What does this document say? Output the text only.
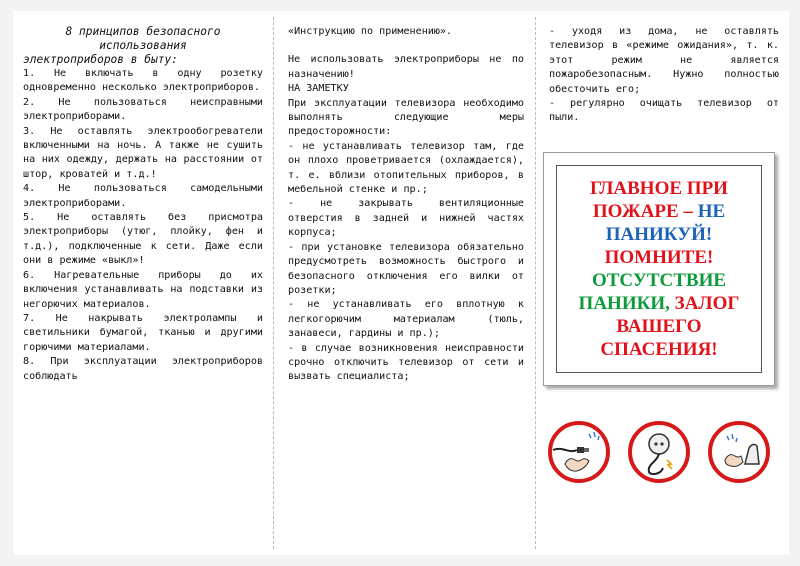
8 принципов безопасного

использования

электроприборов в быту:

1. Не включать в одну розетку одновременно несколько электроприборов.

2. Не пользоваться неисправными электроприборами.

3. Не оставлять электрообогреватели включенными на ночь. А также не сушить на них одежду, держать на расстоянии от штор, кроватей и т.д.!

4. Не пользоваться самодельными электроприборами.

5. Не оставлять без присмотра электроприборы (утюг, плойку, фен и т.д.), подключенные к сети. Даже если они в режиме «выкл»!

6. Нагревательные приборы до их включения устанавливать на подставки из негорючих материалов.

7. Не накрывать электролампы и светильники бумагой, тканью и другими горючими материалами.

8. При эксплуатации электроприборов соблюдать

«Инструкцию по применению».

Не использовать электроприборы не по назначению!

НА ЗАМЕТКУ

При эксплуатации телевизора необходимо выполнять следующие меры предосторожности:

- не устанавливать телевизор там, где он плохо проветривается (охлаждается), т. е. вблизи отопительных приборов, в мебельной стенке и пр.;

- не закрывать вентиляционные отверстия в задней и нижней частях корпуса;

- при установке телевизора обязательно предусмотреть возможность быстрого и безопасного отключения его вилки от розетки;

- не устанавливать его вплотную к легкогорючим материалам (тюль, занавеси, гардины и пр.);

- в случае возникновения неисправности срочно отключить телевизор от сети и вызвать специалиста;

- уходя из дома, не оставлять телевизор в «режиме ожидания», т. к. этот режим не является пожаробезопасным. Нужно полностью обесточить его;

- регулярно очищать телевизор от пыли.

ГЛАВНОЕ ПРИ
ПОЖАРЕ – НЕ
ПАНИКУЙ!
ПОМНИТЕ!
ОТСУТСТВИЕ
ПАНИКИ, ЗАЛОГ
ВАШЕГО
СПАСЕНИЯ!
